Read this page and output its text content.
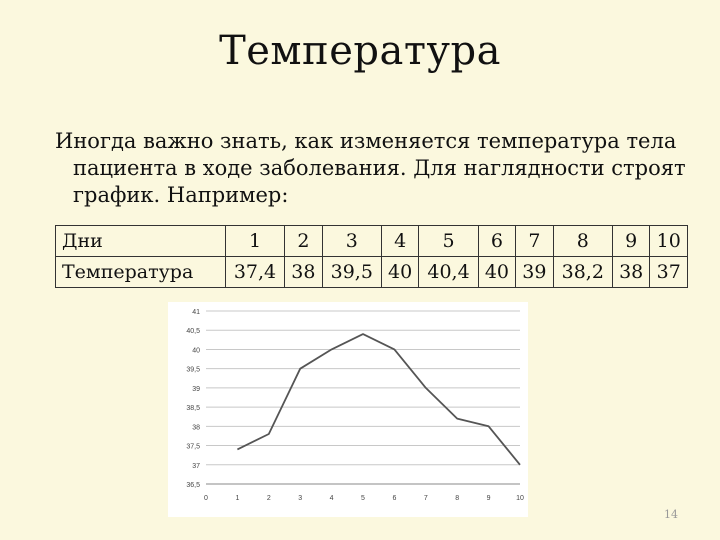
Температура

Иногда важно знать, как изменяется температура тела пациента в ходе заболевания. Для наглядности строят график. Например:

Дни	1	2	3	4	5	6	7	8	9	10
Температура	37,4	38	39,5	40	40,4	40	39	38,2	38	37
36,5
37
37,5
38
38,5
39
39,5
40
40,5
41
0	1	2	3	4	5	6	7	8	9	10
14
